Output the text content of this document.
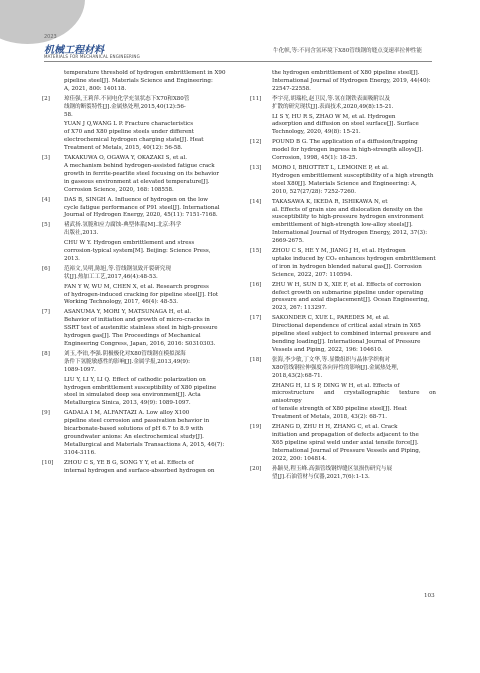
2023
机械工程材料
MATERIALS FOR MECHANICAL ENGINEERING
牛化帜,等:不同含氢环境下X80管线钢的缝点变速率拉伸性能
temperature threshold of hydrogen embrittlement in X90
pipeline steel[J]. Materials Science and Engineering:
A, 2021, 800: 140118.
[2]	琼佳强,王莉萍.不同电化学充氢状态下X70和X80管
线钢的断裂特性[J].金属热处理,2015,40(12):56-
58.
YUAN J Q,WANG L P. Fracture characteristics
of X70 and X80 pipeline steels under different
electrochemical hydrogen charging state[J]. Heat
Treatment of Metals, 2015, 40(12): 56-58.
[3]	TAKAKUWA O, OGAWA Y, OKAZAKI S, et al.
A mechanism behind hydrogen-assisted fatigue crack
growth in ferrite-pearlite steel focusing on its behavior
in gaseous environment at elevated temperature[J].
Corrosion Science, 2020, 168: 108558.
[4]	DAS B, SINGH A. Influence of hydrogen on the low
cycle fatigue performance of P91 steel[J]. International
Journal of Hydrogen Energy, 2020, 45(11): 7151-7168.
[5]	褚武扬.氢脆和应力腐蚀-典型体系[M].北京:科学
出版社,2013.
CHU W Y. Hydrogen embrittlement and stress
corrosion-typical system[M]. Beijing: Science Press,
2013.
[6]	范裕文,吴明,陈旭,等.管线钢氢致开裂研究现
状[J].热加工工艺,2017,46(4):48-53.
FAN Y W, WU M, CHEN X, et al. Research progress
of hydrogen-induced cracking for pipeline steel[J]. Hot
Working Technology, 2017, 46(4): 48-53.
[7]	ASANUMA Y, MORI Y, MATSUNAGA H, et al.
Behavior of initiation and growth of micro-cracks in
SSRT test of austenitic stainless steel in high-pressure
hydrogen gas[J]. The Proceedings of Mechanical
Engineering Congress, Japan, 2016, 2016: S0310303.
[8]	刘玉,李铂,李强.阴极极化对X80管线钢在模拟深海
条件下氢脆敏感性的影响[J].金属学报,2013,49(9):
1089-1097.
LIU Y, LI Y, LI Q. Effect of cathodic polarization on
hydrogen embrittlement susceptibility of X80 pipeline
steel in simulated deep sea environment[J]. Acta
Metallurgica Sinica, 2013, 49(9): 1089-1097.
[9]	GADALA I M, ALFANTAZI A. Low alloy X100
pipeline steel corrosion and passivation behavior in
bicarbonate-based solutions of pH 6.7 to 8.9 with
groundwater anions: An electrochemical study[J].
Metallurgical and Materials Transactions A, 2015, 46(7):
3104-3116.
[10]	ZHOU C S, YE B G, SONG Y Y, et al. Effects of
internal hydrogen and surface-absorbed hydrogen on
the hydrogen embrittlement of X80 pipeline steel[J].
International Journal of Hydrogen Energy, 2019, 44(40):
22547-22558.
[11]	李宇亮,胡瑞松,赵卫民,等.氢在钢铁表面吸附以及
扩散的研究现状[J].表面技术,2020,49(8):15-21.
LI S Y, HU R S, ZHAO W M, et al. Hydrogen
adsorption and diffusion on steel surface[J]. Surface
Technology, 2020, 49(8): 15-21.
[12]	POUND B G. The application of a diffusion/trapping
model for hydrogen ingress in high-strength alloys[J].
Corrosion, 1998, 45(1): 18-25.
[13]	MORO I, BRIOTTET L, LEMOINE P, et al.
Hydrogen embrittlement susceptibility of a high strength
steel X80[J]. Materials Science and Engineering: A,
2010, 527(27/28): 7252-7260.
[14]	TAKASAWA K, IKEDA R, ISHIKAWA N, et
al. Effects of grain size and dislocation density on the
susceptibility to high-pressure hydrogen environment
embrittlement of high-strength low-alloy steels[J].
International Journal of Hydrogen Energy, 2012, 37(3):
2669-2675.
[15]	ZHOU C S, HE Y M, JIANG J H, et al. Hydrogen
uptake induced by CO₂ enhances hydrogen embrittlement
of iron in hydrogen blended natural gas[J]. Corrosion
Science, 2022, 207: 110594.
[16]	ZHU W H, SUN D X, XIE F, et al. Effects of corrosion
defect growth on submarine pipeline under operating
pressure and axial displacement[J]. Ocean Engineering,
2023, 267: 113297.
[17]	SAKONDER C, XUE L, PAREDES M, et al.
Directional dependence of critical axial strain in X65
pipeline steel subject to combined internal pressure and
bending loading[J]. International Journal of Pressure
Vessels and Piping, 2022, 196: 104610.
[18]	张海,李少敏,丁文华,等.显微组织与晶体学织构对
X80管线钢拉伸强度各向异性的影响[J].金属热处理,
2018,43(2):68-71.
ZHANG H, LI S P, DING W H, et al. Effects of
microstructure and crystallographic texture on anisotropy
of tensile strength of X80 pipeline steel[J]. Heat
Treatment of Metals, 2018, 43(2): 68-71.
[19]	ZHANG D, ZHU H H, ZHANG C, et al. Crack
initiation and propagation of defects adjacent to the
X65 pipeline spiral weld under axial tensile force[J].
International Journal of Pressure Vessels and Piping,
2022, 200: 104814.
[20]	孙颖昊,程玉峰.高强管线钢焊缝区氢损伤研究与展
望[J].石油管材与仪器,2021,7(6):1-13.
103
